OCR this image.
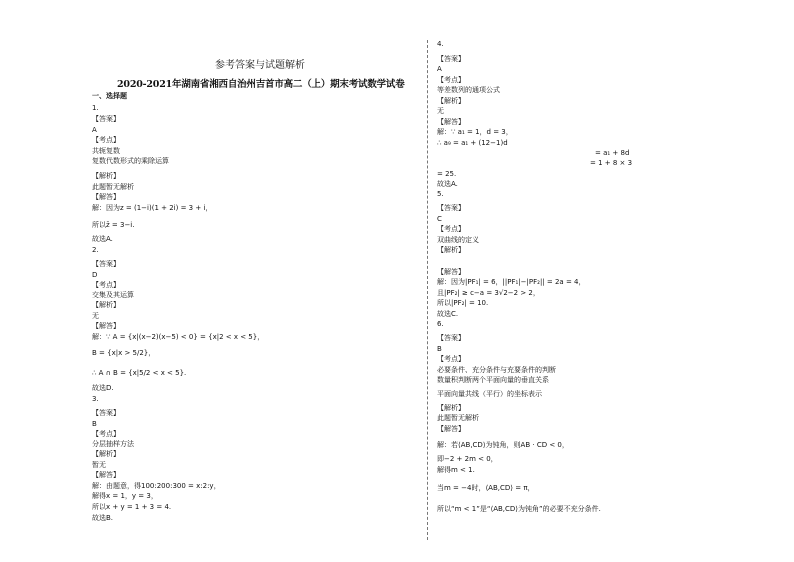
参考答案与试题解析
2020-2021年湖南省湘西自治州吉首市高二（上）期末考试数学试卷
一、选择题
1.
【答案】
A
【考点】
共轭复数
复数代数形式的乘除运算
【解析】
此题暂无解析
【解答】
解：因为z = (1−i)(1 + 2i) = 3 + i，
所以z̄ = 3−i.
故选A.
2.
【答案】
D
【考点】
交集及其运算
【解析】
无
【解答】
解：∵ A = {x|(x−2)(x−5) < 0} = {x|2 < x < 5}，
B = {x|x > 5/2}，
∴ A ∩ B = {x|5/2 < x < 5}.
故选D.
3.
【答案】
B
【考点】
分层抽样方法
【解析】
暂无
【解答】
解：由题意，得100:200:300 = x:2:y，
解得x = 1，y = 3，
所以x + y = 1 + 3 = 4.
故选B.
4.
【答案】
A
【考点】
等差数列的通项公式
【解析】
无
【解答】
解：∵ a₁ = 1，d = 3，
∴ a₉ = a₁ + (12−1)d
= a₁ + 8d
= 1 + 8 × 3
= 25.
故选A.
5.
【答案】
C
【考点】
双曲线的定义
【解析】
【解答】
解：因为|PF₁| = 6，||PF₁|−|PF₂|| = 2a = 4，
且|PF₂| ≥ c−a = 3√2−2 > 2，
所以|PF₂| = 10.
故选C.
6.
【答案】
B
【考点】
必要条件、充分条件与充要条件的判断
数量积判断两个平面向量的垂直关系
平面向量共线（平行）的坐标表示
【解析】
此题暂无解析
【解答】
解：若⟨AB,CD⟩为钝角，则AB · CD < 0，
即−2 + 2m < 0，
解得m < 1.
当m = −4时，⟨AB,CD⟩ = π，
所以“m < 1”是“⟨AB,CD⟩为钝角”的必要不充分条件.
